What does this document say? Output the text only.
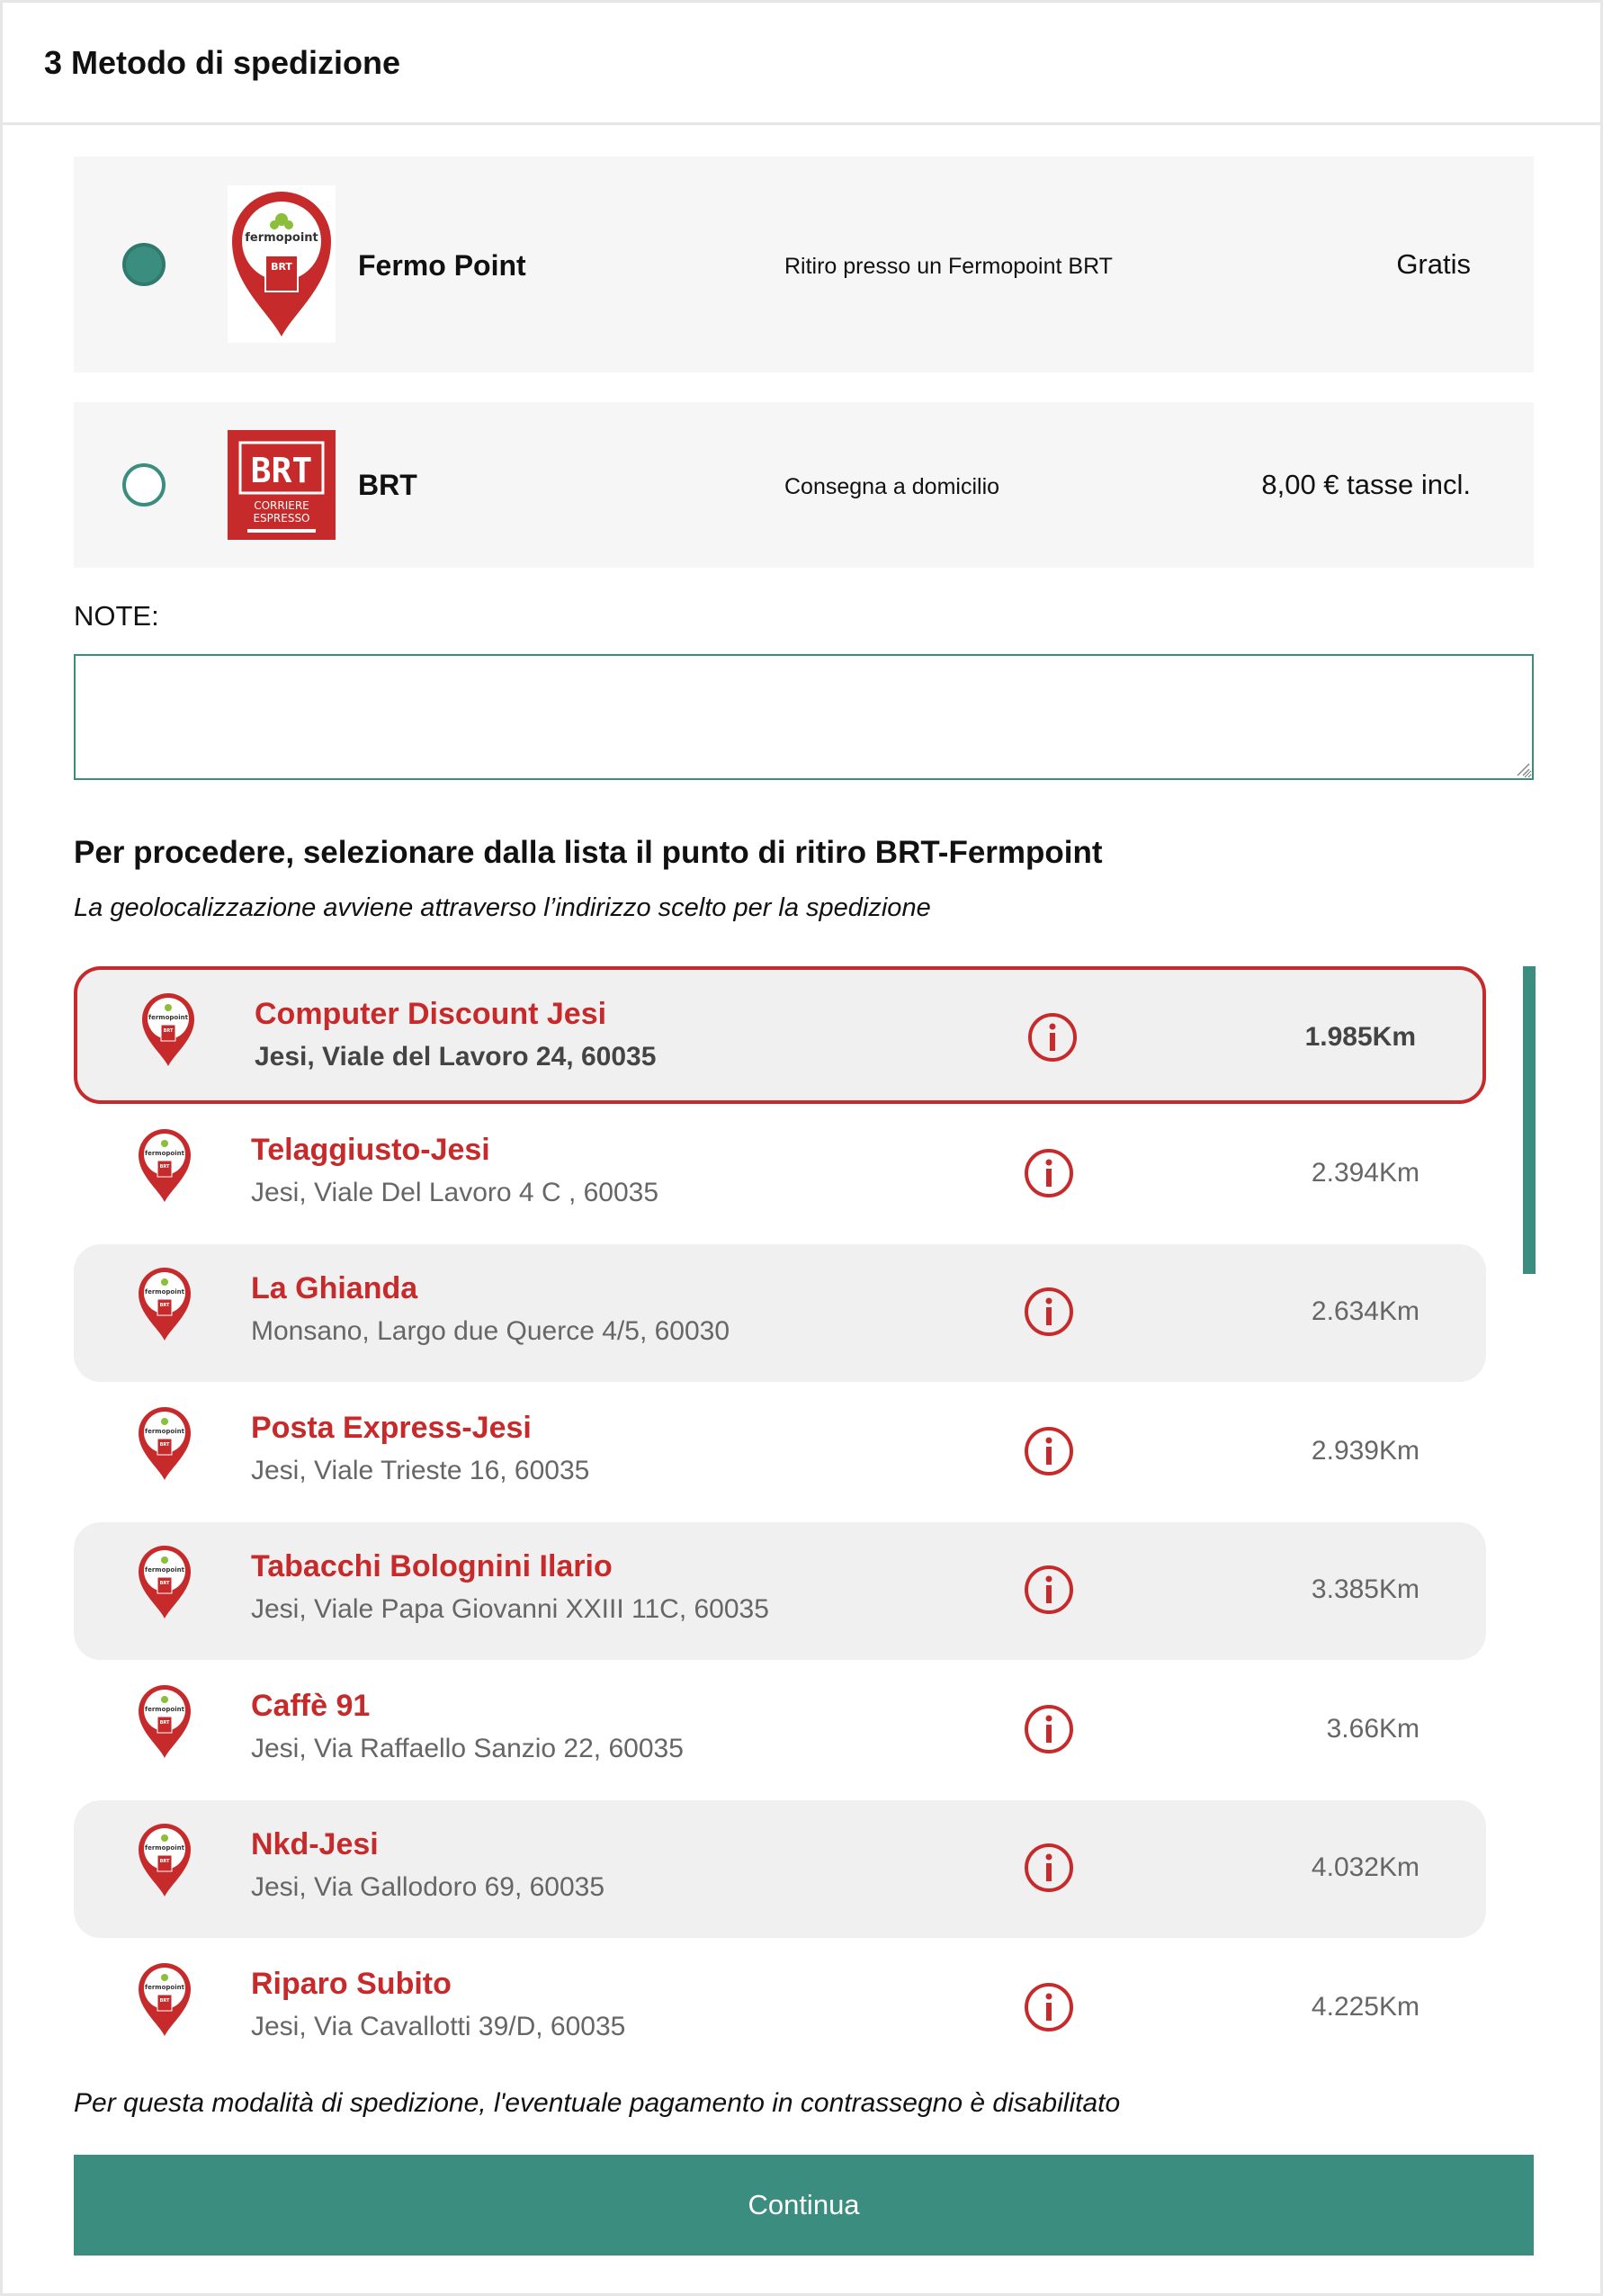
3 Metodo di spedizione
fermopoint
BRT Fermo Point	Ritiro presso un Fermopoint BRT	Gratis
BRT
CORRIERE
ESPRESSO
BRT	Consegna a domicilio	8,00 € tasse incl.
NOTE:
Per procedere, selezionare dalla lista il punto di ritiro BRT-Fermpoint
La geolocalizzazione avviene attraverso l’indirizzo scelto per la spedizione
fermopoint
BRT	Computer Discount Jesi
Jesi, Viale del Lavoro 24, 60035
1.985Km
fermopoint
BRT	Telaggiusto-Jesi
Jesi, Viale Del Lavoro 4 C , 60035
2.394Km
fermopoint
BRT	La Ghianda
Monsano, Largo due Querce 4/5, 60030
2.634Km
fermopoint
BRT	Posta Express-Jesi
Jesi, Viale Trieste 16, 60035
2.939Km
fermopoint
BRT	Tabacchi Bolognini Ilario
Jesi, Viale Papa Giovanni XXIII 11C, 60035
3.385Km
fermopoint
BRT	Caffè 91
Jesi, Via Raffaello Sanzio 22, 60035
3.66Km
fermopoint
BRT	Nkd-Jesi
Jesi, Via Gallodoro 69, 60035
4.032Km
fermopoint
BRT	Riparo Subito
Jesi, Via Cavallotti 39/D, 60035
4.225Km
Per questa modalità di spedizione, l'eventuale pagamento in contrassegno è disabilitato
Continua
